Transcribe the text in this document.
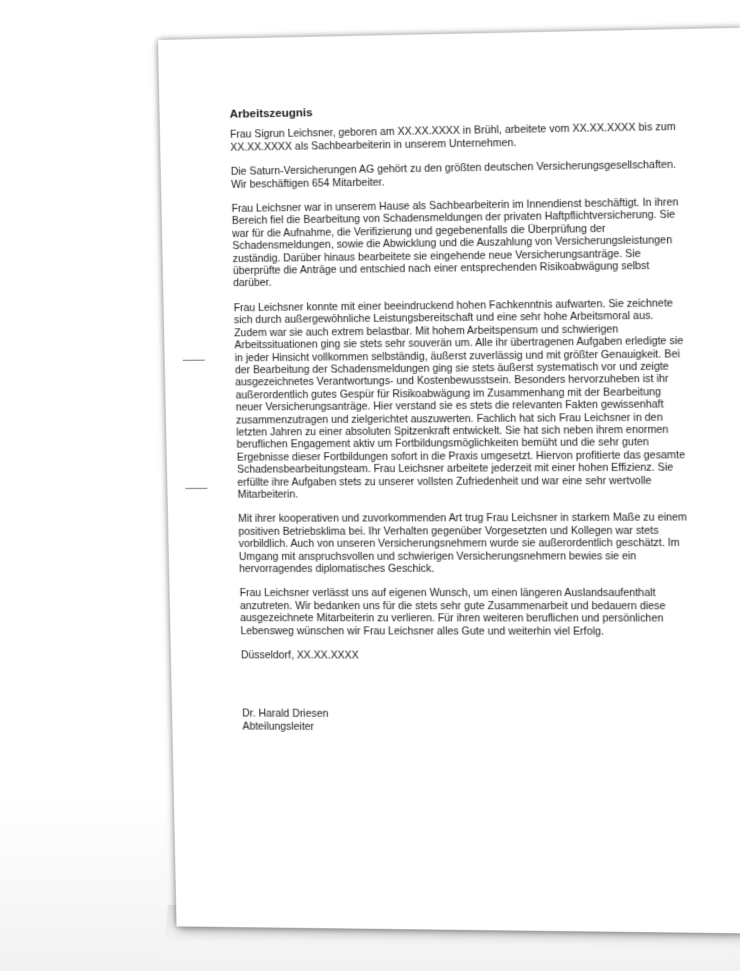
Arbeitszeugnis

Frau Sigrun Leichsner, geboren am XX.XX.XXXX in Brühl, arbeitete vom XX.XX.XXXX bis zum XX.XX.XXXX als Sachbearbeiterin in unserem Unternehmen.

Die Saturn-Versicherungen AG gehört zu den größten deutschen Versicherungsgesellschaften. Wir beschäftigen 654 Mitarbeiter.

Frau Leichsner war in unserem Hause als Sachbearbeiterin im Innendienst beschäftigt. In ihren Bereich fiel die Bearbeitung von Schadensmeldungen der privaten Haftpflichtversicherung. Sie war für die Aufnahme, die Verifizierung und gegebenenfalls die Überprüfung der Schadensmeldungen, sowie die Abwicklung und die Auszahlung von Versicherungsleistungen zuständig. Darüber hinaus bearbeitete sie eingehende neue Versicherungsanträge. Sie überprüfte die Anträge und entschied nach einer entsprechenden Risikoabwägung selbst darüber.

Frau Leichsner konnte mit einer beeindruckend hohen Fachkenntnis aufwarten. Sie zeichnete sich durch außergewöhnliche Leistungsbereitschaft und eine sehr hohe Arbeitsmoral aus. Zudem war sie auch extrem belastbar. Mit hohem Arbeitspensum und schwierigen Arbeitssituationen ging sie stets sehr souverän um. Alle ihr übertragenen Aufgaben erledigte sie in jeder Hinsicht vollkommen selbständig, äußerst zuverlässig und mit größter Genauigkeit. Bei der Bearbeitung der Schadensmeldungen ging sie stets äußerst systematisch vor und zeigte ausgezeichnetes Verantwortungs- und Kostenbewusstsein. Besonders hervorzuheben ist ihr außerordentlich gutes Gespür für Risikoabwägung im Zusammenhang mit der Bearbeitung neuer Versicherungsanträge. Hier verstand sie es stets die relevanten Fakten gewissenhaft zusammenzutragen und zielgerichtet auszuwerten. Fachlich hat sich Frau Leichsner in den letzten Jahren zu einer absoluten Spitzenkraft entwickelt. Sie hat sich neben ihrem enormen beruflichen Engagement aktiv um Fortbildungsmöglichkeiten bemüht und die sehr guten Ergebnisse dieser Fortbildungen sofort in die Praxis umgesetzt. Hiervon profitierte das gesamte Schadensbearbeitungsteam. Frau Leichsner arbeitete jederzeit mit einer hohen Effizienz. Sie erfüllte ihre Aufgaben stets zu unserer vollsten Zufriedenheit und war eine sehr wertvolle Mitarbeiterin.

Mit ihrer kooperativen und zuvorkommenden Art trug Frau Leichsner in starkem Maße zu einem positiven Betriebsklima bei. Ihr Verhalten gegenüber Vorgesetzten und Kollegen war stets vorbildlich. Auch von unseren Versicherungsnehmern wurde sie außerordentlich geschätzt. Im Umgang mit anspruchsvollen und schwierigen Versicherungsnehmern bewies sie ein hervorragendes diplomatisches Geschick.

Frau Leichsner verlässt uns auf eigenen Wunsch, um einen längeren Auslandsaufenthalt anzutreten. Wir bedanken uns für die stets sehr gute Zusammenarbeit und bedauern diese ausgezeichnete Mitarbeiterin zu verlieren. Für ihren weiteren beruflichen und persönlichen Lebensweg wünschen wir Frau Leichsner alles Gute und weiterhin viel Erfolg.

Düsseldorf, XX.XX.XXXX

Dr. Harald Driesen

Abteilungsleiter
